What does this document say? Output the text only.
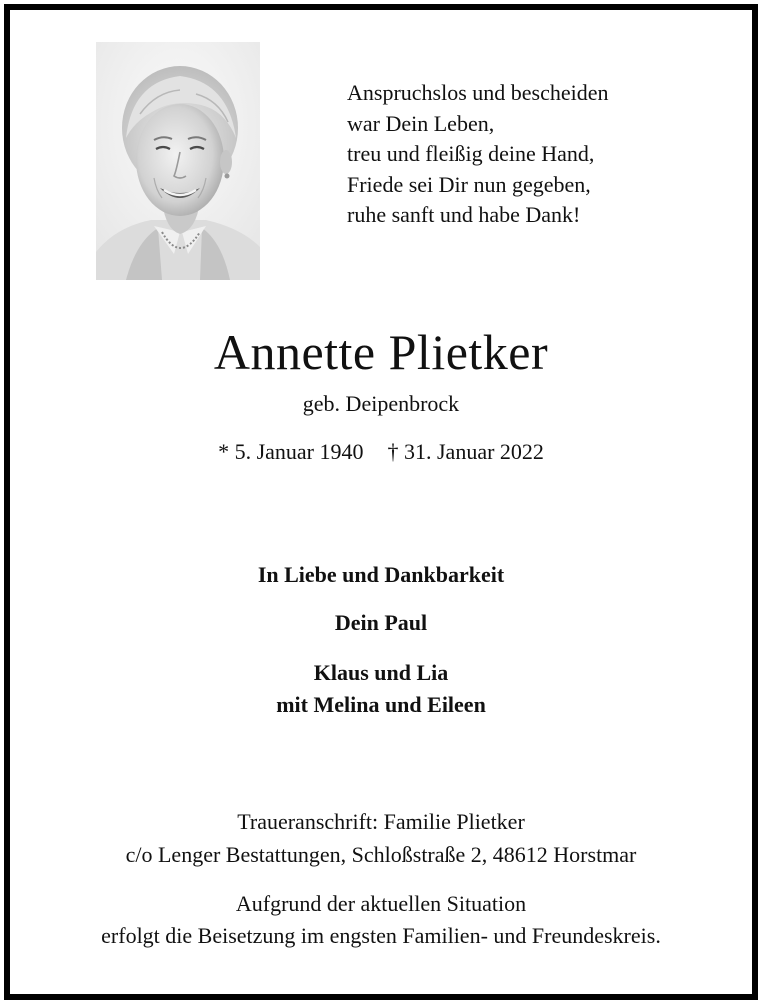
Anspruchslos und bescheiden
war Dein Leben,
treu und fleißig deine Hand,
Friede sei Dir nun gegeben,
ruhe sanft und habe Dank!
Annette Plietker
geb. Deipenbrock
* 5. Januar 1940 † 31. Januar 2022
In Liebe und Dankbarkeit
Dein Paul
Klaus und Lia
mit Melina und Eileen
Traueranschrift: Familie Plietker
c/o Lenger Bestattungen, Schloßstraße 2, 48612 Horstmar
Aufgrund der aktuellen Situation
erfolgt die Beisetzung im engsten Familien- und Freundeskreis.
